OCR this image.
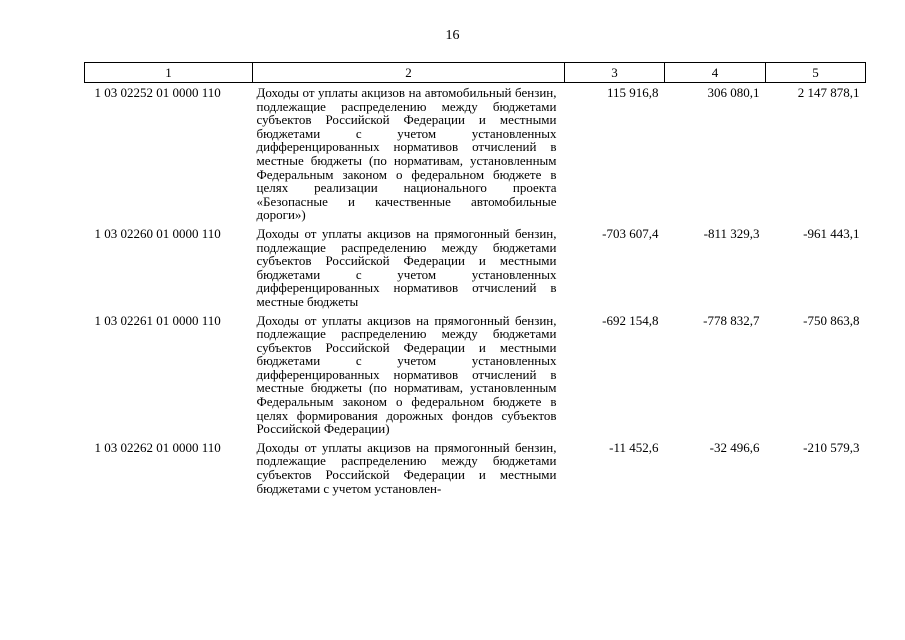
16
1	2	3	4	5
1 03 02252 01 0000 110	Доходы от уплаты акцизов на автомобильный бензин, подлежащие распределению между бюджетами субъектов Российской Федерации и местными бюджетами с учетом установленных дифференцированных нормативов отчислений в местные бюджеты (по нормативам, установленным Федеральным законом о федеральном бюджете в целях реализации национального проекта «Безопасные и качественные автомобильные дороги»)	115 916,8	306 080,1	2 147 878,1
1 03 02260 01 0000 110	Доходы от уплаты акцизов на прямогонный бензин, подлежащие распределению между бюджетами субъектов Российской Федерации и местными бюджетами с учетом установленных дифференцированных нормативов отчислений в местные бюджеты	-703 607,4	-811 329,3	-961 443,1
1 03 02261 01 0000 110	Доходы от уплаты акцизов на прямогонный бензин, подлежащие распределению между бюджетами субъектов Российской Федерации и местными бюджетами с учетом установленных дифференцированных нормативов отчислений в местные бюджеты (по нормативам, установленным Федеральным законом о федеральном бюджете в целях формирования дорожных фондов субъектов Российской Федерации)	-692 154,8	-778 832,7	-750 863,8
1 03 02262 01 0000 110	Доходы от уплаты акцизов на прямогонный бензин, подлежащие распределению между бюджетами субъектов Российской Федерации и местными бюджетами с учетом установлен-	-11 452,6	-32 496,6	-210 579,3
